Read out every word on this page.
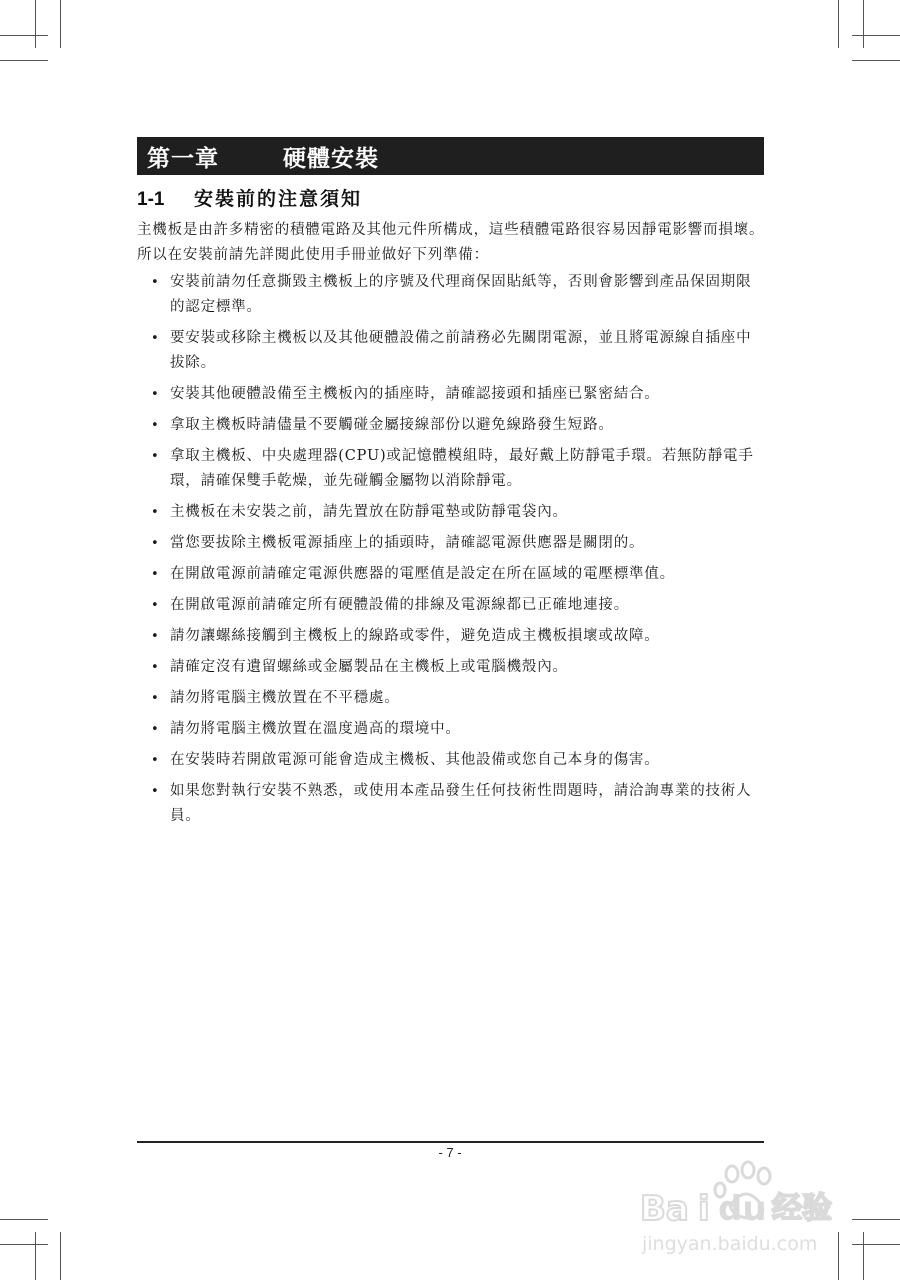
第一章	硬體安裝
1-1	安裝前的注意須知

主機板是由許多精密的積體電路及其他元件所構成，這些積體電路很容易因靜電影響而損壞。所以在安裝前請先詳閱此使用手冊並做好下列準備：

• 安裝前請勿任意撕毀主機板上的序號及代理商保固貼紙等，否則會影響到產品保固期限的認定標準。
• 要安裝或移除主機板以及其他硬體設備之前請務必先關閉電源，並且將電源線自插座中拔除。
• 安裝其他硬體設備至主機板內的插座時，請確認接頭和插座已緊密結合。
• 拿取主機板時請儘量不要觸碰金屬接線部份以避免線路發生短路。
• 拿取主機板、中央處理器(CPU)或記憶體模組時，最好戴上防靜電手環。若無防靜電手環，請確保雙手乾燥，並先碰觸金屬物以消除靜電。
• 主機板在未安裝之前，請先置放在防靜電墊或防靜電袋內。
• 當您要拔除主機板電源插座上的插頭時，請確認電源供應器是關閉的。
• 在開啟電源前請確定電源供應器的電壓值是設定在所在區域的電壓標準值。
• 在開啟電源前請確定所有硬體設備的排線及電源線都已正確地連接。
• 請勿讓螺絲接觸到主機板上的線路或零件，避免造成主機板損壞或故障。
• 請確定沒有遺留螺絲或金屬製品在主機板上或電腦機殼內。
• 請勿將電腦主機放置在不平穩處。
• 請勿將電腦主機放置在溫度過高的環境中。
• 在安裝時若開啟電源可能會造成主機板、其他設備或您自己本身的傷害。
• 如果您對執行安裝不熟悉，或使用本產品發生任何技術性問題時，請洽詢專業的技術人員。
- 7 -
Ba i du 经验
jingyan.baidu.com
